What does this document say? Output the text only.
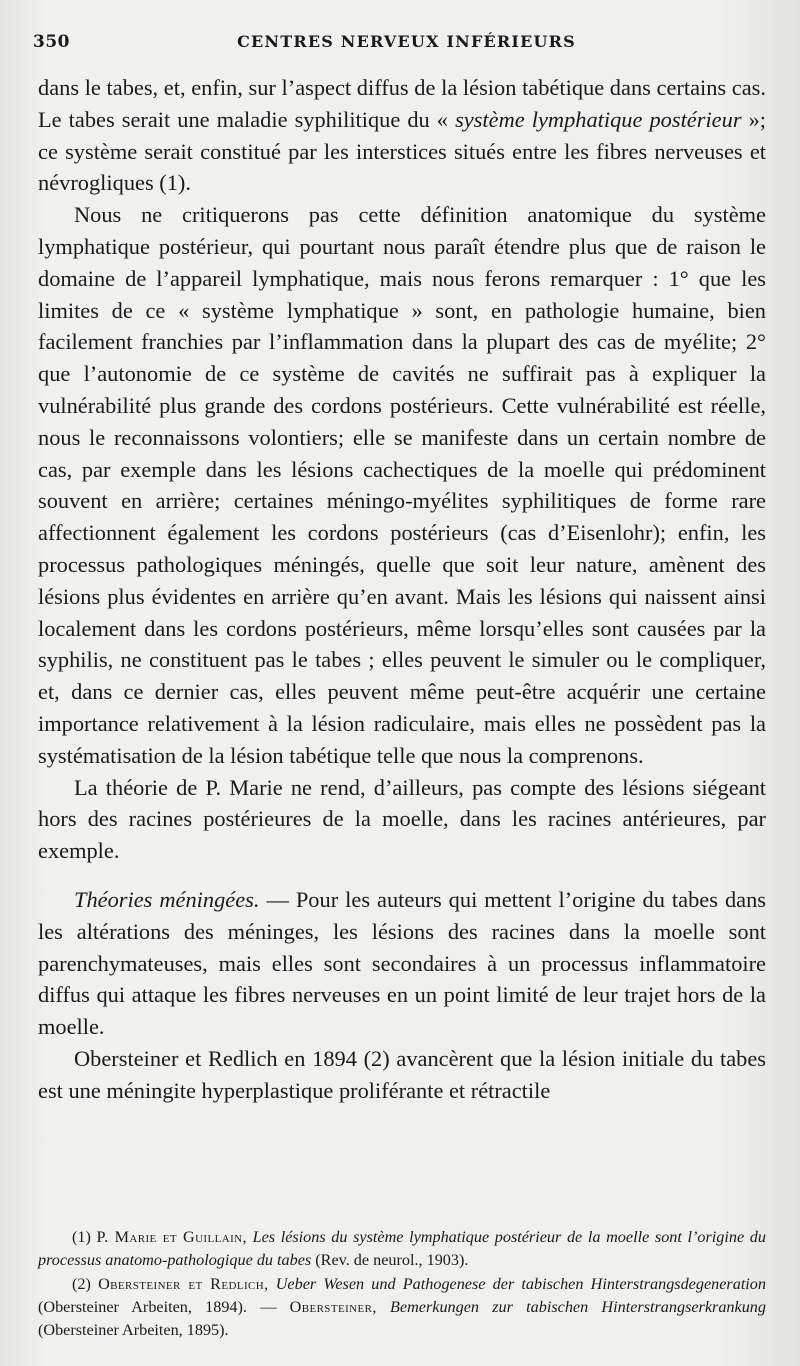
350	CENTRES NERVEUX INFÉRIEURS

dans le tabes, et, enfin, sur l’aspect diffus de la lésion tabétique dans certains cas. Le tabes serait une maladie syphilitique du « système lymphatique postérieur »; ce système serait constitué par les interstices situés entre les fibres nerveuses et névrogliques (1).

Nous ne critiquerons pas cette définition anatomique du système lymphatique postérieur, qui pourtant nous paraît étendre plus que de raison le domaine de l’appareil lymphatique, mais nous ferons remarquer : 1° que les limites de ce « système lymphatique » sont, en pathologie humaine, bien facilement franchies par l’inflammation dans la plupart des cas de myélite; 2° que l’autonomie de ce système de cavités ne suffirait pas à expliquer la vulnérabilité plus grande des cordons postérieurs. Cette vulnérabilité est réelle, nous le reconnaissons volontiers; elle se manifeste dans un certain nombre de cas, par exemple dans les lésions cachectiques de la moelle qui prédominent souvent en arrière; certaines méningo-myélites syphilitiques de forme rare affectionnent également les cordons postérieurs (cas d’Eisenlohr); enfin, les processus pathologiques méningés, quelle que soit leur nature, amènent des lésions plus évidentes en arrière qu’en avant. Mais les lésions qui naissent ainsi localement dans les cordons postérieurs, même lorsqu’elles sont causées par la syphilis, ne constituent pas le tabes ; elles peuvent le simuler ou le compliquer, et, dans ce dernier cas, elles peuvent même peut-être acquérir une certaine importance relativement à la lésion radiculaire, mais elles ne possèdent pas la systématisation de la lésion tabétique telle que nous la comprenons.

La théorie de P. Marie ne rend, d’ailleurs, pas compte des lésions siégeant hors des racines postérieures de la moelle, dans les racines antérieures, par exemple.

Théories méningées. — Pour les auteurs qui mettent l’origine du tabes dans les altérations des méninges, les lésions des racines dans la moelle sont parenchymateuses, mais elles sont secondaires à un processus inflammatoire diffus qui attaque les fibres nerveuses en un point limité de leur trajet hors de la moelle.

Obersteiner et Redlich en 1894 (2) avancèrent que la lésion initiale du tabes est une méningite hyperplastique proliférante et rétractile

(1) P. Marie et Guillain, Les lésions du système lymphatique postérieur de la moelle sont l’origine du processus anatomo-pathologique du tabes (Rev. de neurol., 1903).

(2) Obersteiner et Redlich, Ueber Wesen und Pathogenese der tabischen Hinterstrangsdegeneration (Obersteiner Arbeiten, 1894). — Obersteiner, Bemerkungen zur tabischen Hinterstrangserkrankung (Obersteiner Arbeiten, 1895).
